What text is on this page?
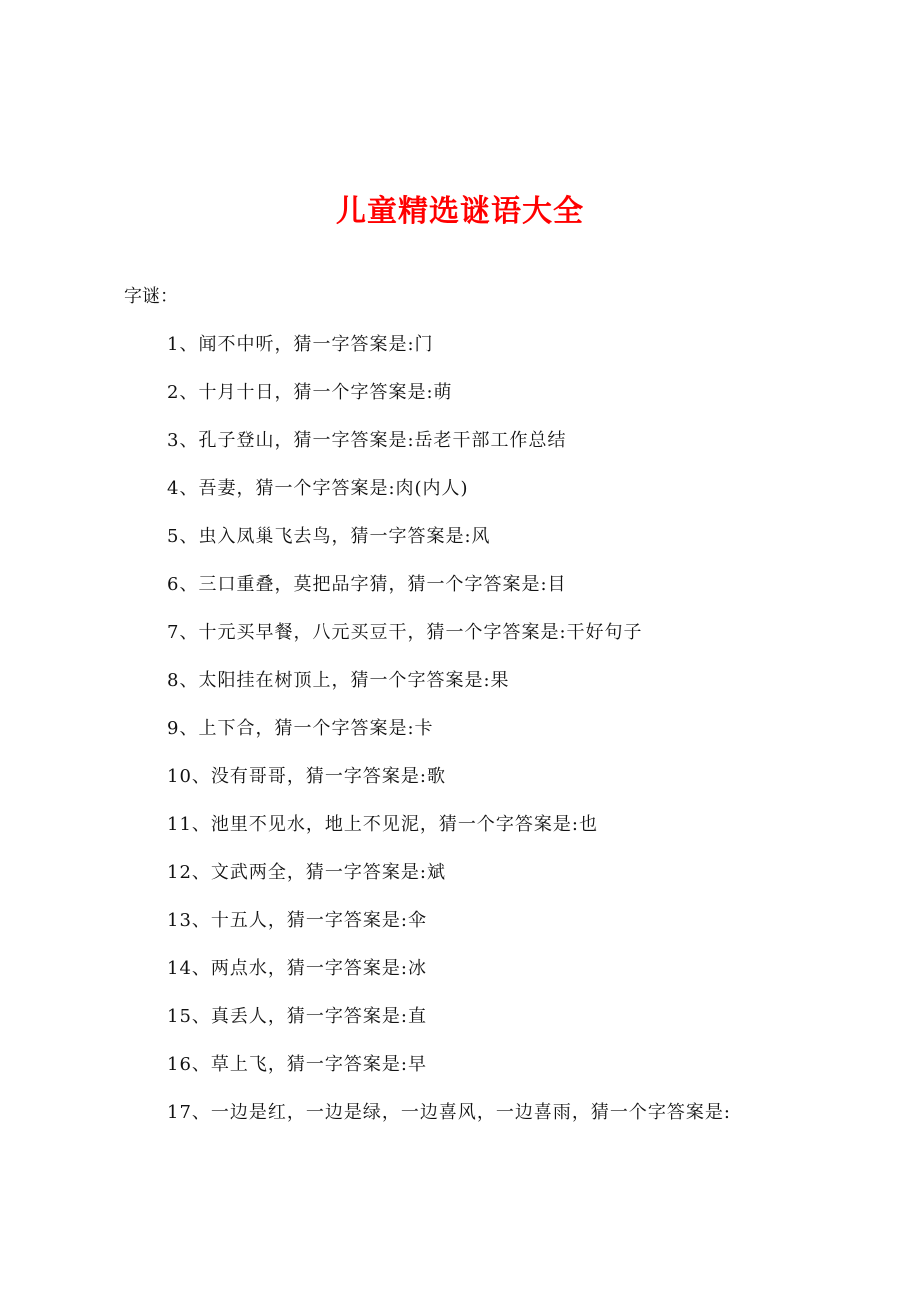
儿童精选谜语大全
字谜：
1、闻不中听，猜一字答案是:门
2、十月十日，猜一个字答案是:萌
3、孔子登山，猜一字答案是:岳老干部工作总结
4、吾妻，猜一个字答案是:肉(内人)
5、虫入凤巢飞去鸟，猜一字答案是:风
6、三口重叠，莫把品字猜，猜一个字答案是:目
7、十元买早餐，八元买豆干，猜一个字答案是:干好句子
8、太阳挂在树顶上，猜一个字答案是:果
9、上下合，猜一个字答案是:卡
10、没有哥哥，猜一字答案是:歌
11、池里不见水，地上不见泥，猜一个字答案是:也
12、文武两全，猜一字答案是:斌
13、十五人，猜一字答案是:伞
14、两点水，猜一字答案是:冰
15、真丢人，猜一字答案是:直
16、草上飞，猜一字答案是:早
17、一边是红，一边是绿，一边喜风，一边喜雨，猜一个字答案是:
